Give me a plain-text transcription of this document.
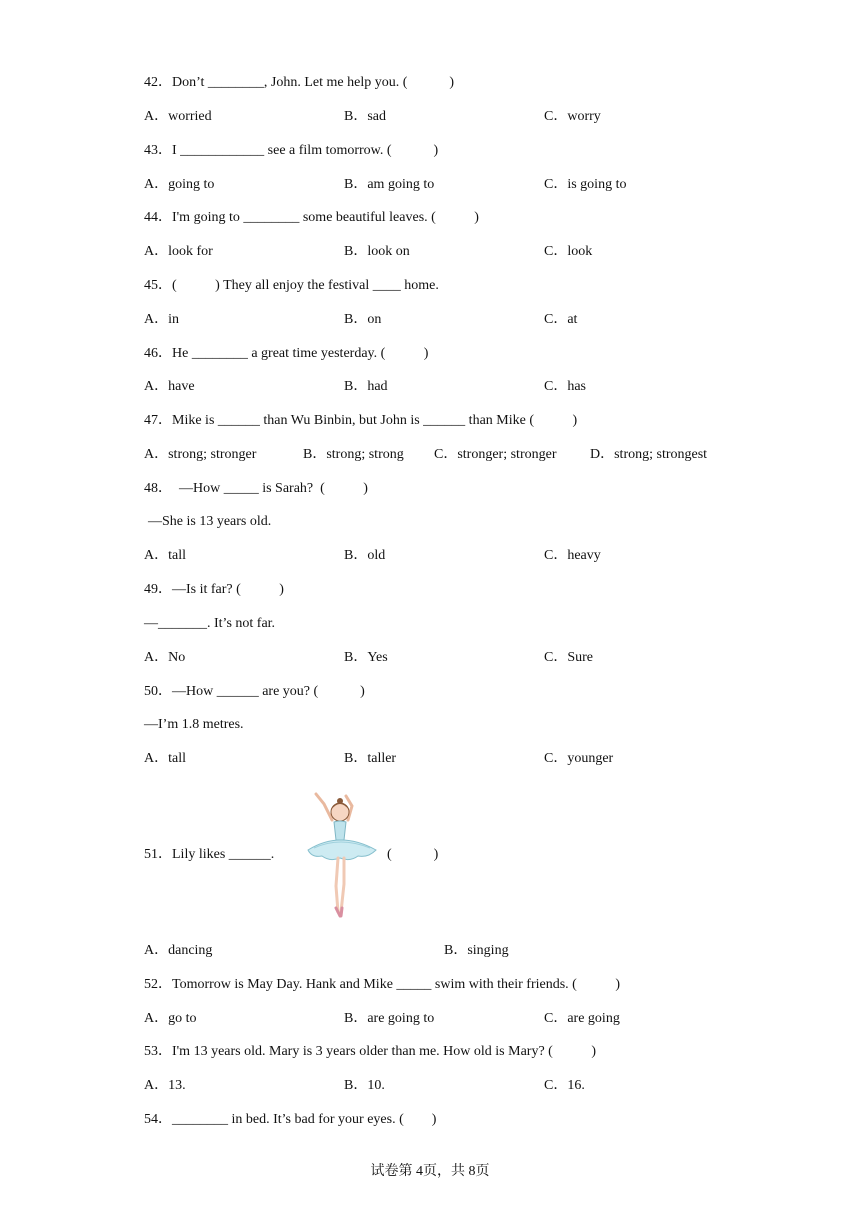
42．Don’t ________, John. Let me help you. (            )
A．worried	B．sad	C．worry
43．I ____________ see a film tomorrow. (            )
A．going to	B．am going to	C．is going to
44．I'm going to ________ some beautiful leaves. (           )
A．look for	B．look on	C．look
45．(           ) They all enjoy the festival ____ home.
A．in	B．on	C．at
46．He ________ a great time yesterday. (           )
A．have	B．had	C．has
47．Mike is ______ than Wu Binbin, but John is ______ than Mike (           )
A．strong; stronger	B．strong; strong C．stronger; stronger D．strong; strongest
48．  —How _____ is Sarah?  (           )
—She is 13 years old.
A．tall	B．old	C．heavy
49．—Is it far? (           )
—_______. It’s not far.
A．No	B．Yes	C．Sure
50．—How ______ are you? (            )
—I’m 1.8 metres.
A．tall	B．taller	C．younger
51．Lily likes ______.	(            )
A．dancing	B．singing
52．Tomorrow is May Day. Hank and Mike _____ swim with their friends. (           )
A．go to	B．are going to	C．are going
53．I'm 13 years old. Mary is 3 years older than me. How old is Mary? (           )
A．13.	B．10.	C．16.
54．________ in bed. It’s bad for your eyes. (        )
试卷第 4页，共 8页
